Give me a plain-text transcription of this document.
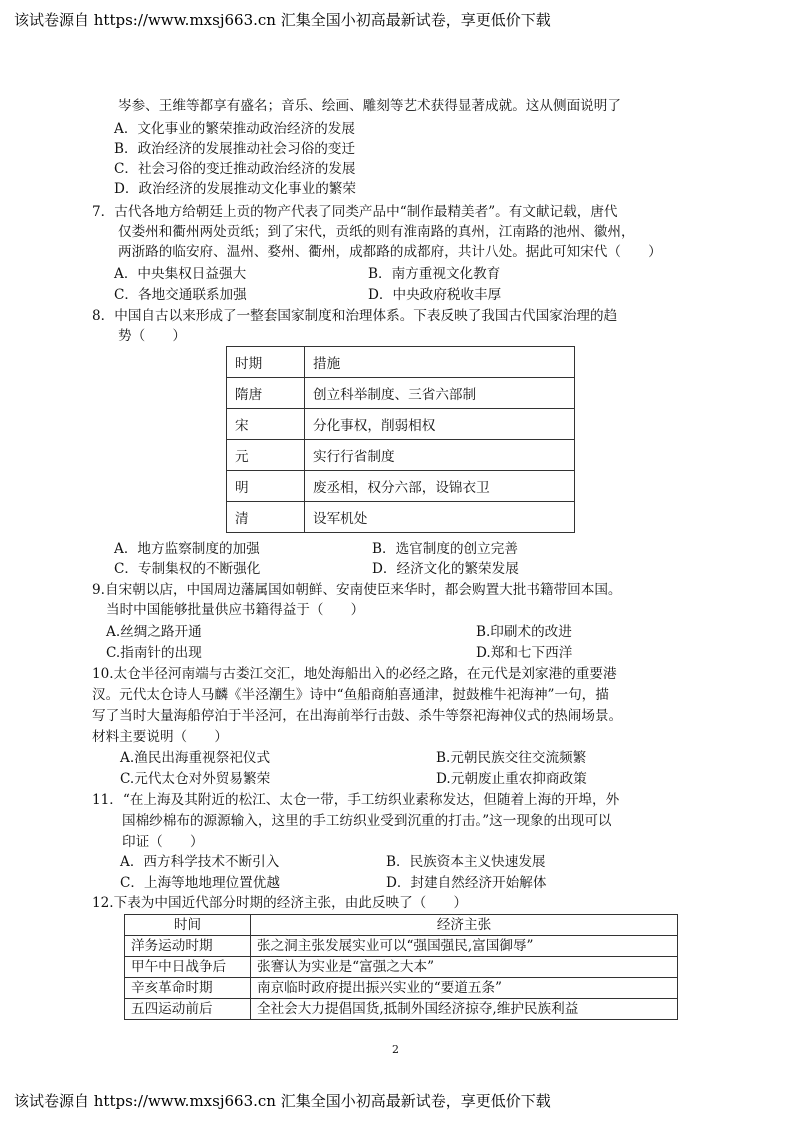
该试卷源自 https://www.mxsj663.cn 汇集全国小初高最新试卷，享更低价下载
岑参、王维等都享有盛名；音乐、绘画、雕刻等艺术获得显著成就。这从侧面说明了
A．文化事业的繁荣推动政治经济的发展
B．政治经济的发展推动社会习俗的变迁
C．社会习俗的变迁推动政治经济的发展
D．政治经济的发展推动文化事业的繁荣
7．古代各地方给朝廷上贡的物产代表了同类产品中“制作最精美者”。有文献记载，唐代
仅娄州和衢州两处贡纸；到了宋代，贡纸的则有淮南路的真州，江南路的池州、徽州，
两浙路的临安府、温州、婺州、衢州，成都路的成都府，共计八处。据此可知宋代（　　）
A．中央集权日益强大	B．南方重视文化教育
C．各地交通联系加强	D．中央政府税收丰厚
8．中国自古以来形成了一整套国家制度和治理体系。下表反映了我国古代国家治理的趋
势（　　）
时期	措施
隋唐	创立科举制度、三省六部制
宋	分化事权，削弱相权
元	实行行省制度
明	废丞相，权分六部，设锦衣卫
清	设军机处
A．地方监察制度的加强	B．选官制度的创立完善
C．专制集权的不断强化	D．经济文化的繁荣发展
9.自宋朝以店，中国周边藩属国如朝鲜、安南使臣来华时，都会购置大批书籍带回本国。
当时中国能够批量供应书籍得益于（　　）
A.丝绸之路开通	B.印刷术的改进
C.指南针的出现	D.郑和七下西洋
10.太仓半径河南端与古娄江交汇，地处海船出入的必经之路，在元代是刘家港的重要港
汊。元代太仓诗人马麟《半泾潮生》诗中“鱼船商舶喜通津，挝鼓椎牛祀海神”一句，描
写了当时大量海船停泊于半泾河，在出海前举行击鼓、杀牛等祭祀海神仪式的热闹场景。
材料主要说明（　　）
A.渔民出海重视祭祀仪式	B.元朝民族交往交流频繁
C.元代太仓对外贸易繁荣	D.元朝废止重农抑商政策
11．“在上海及其附近的松江、太仓一带，手工纺织业素称发达，但随着上海的开埠，外
国棉纱棉布的源源输入，这里的手工纺织业受到沉重的打击。”这一现象的出现可以
印证（　　）
A．西方科学技术不断引入	B．民族资本主义快速发展
C．上海等地地理位置优越	D．封建自然经济开始解体
12.下表为中国近代部分时期的经济主张，由此反映了（　　）
时间	经济主张
洋务运动时期	张之洞主张发展实业可以“强国强民,富国御辱”
甲午中日战争后	张謇认为实业是“富强之大本”
辛亥革命时期	南京临时政府提出振兴实业的“要道五条”
五四运动前后	全社会大力提倡国货,抵制外国经济掠夺,维护民族利益
2
该试卷源自 https://www.mxsj663.cn 汇集全国小初高最新试卷，享更低价下载
